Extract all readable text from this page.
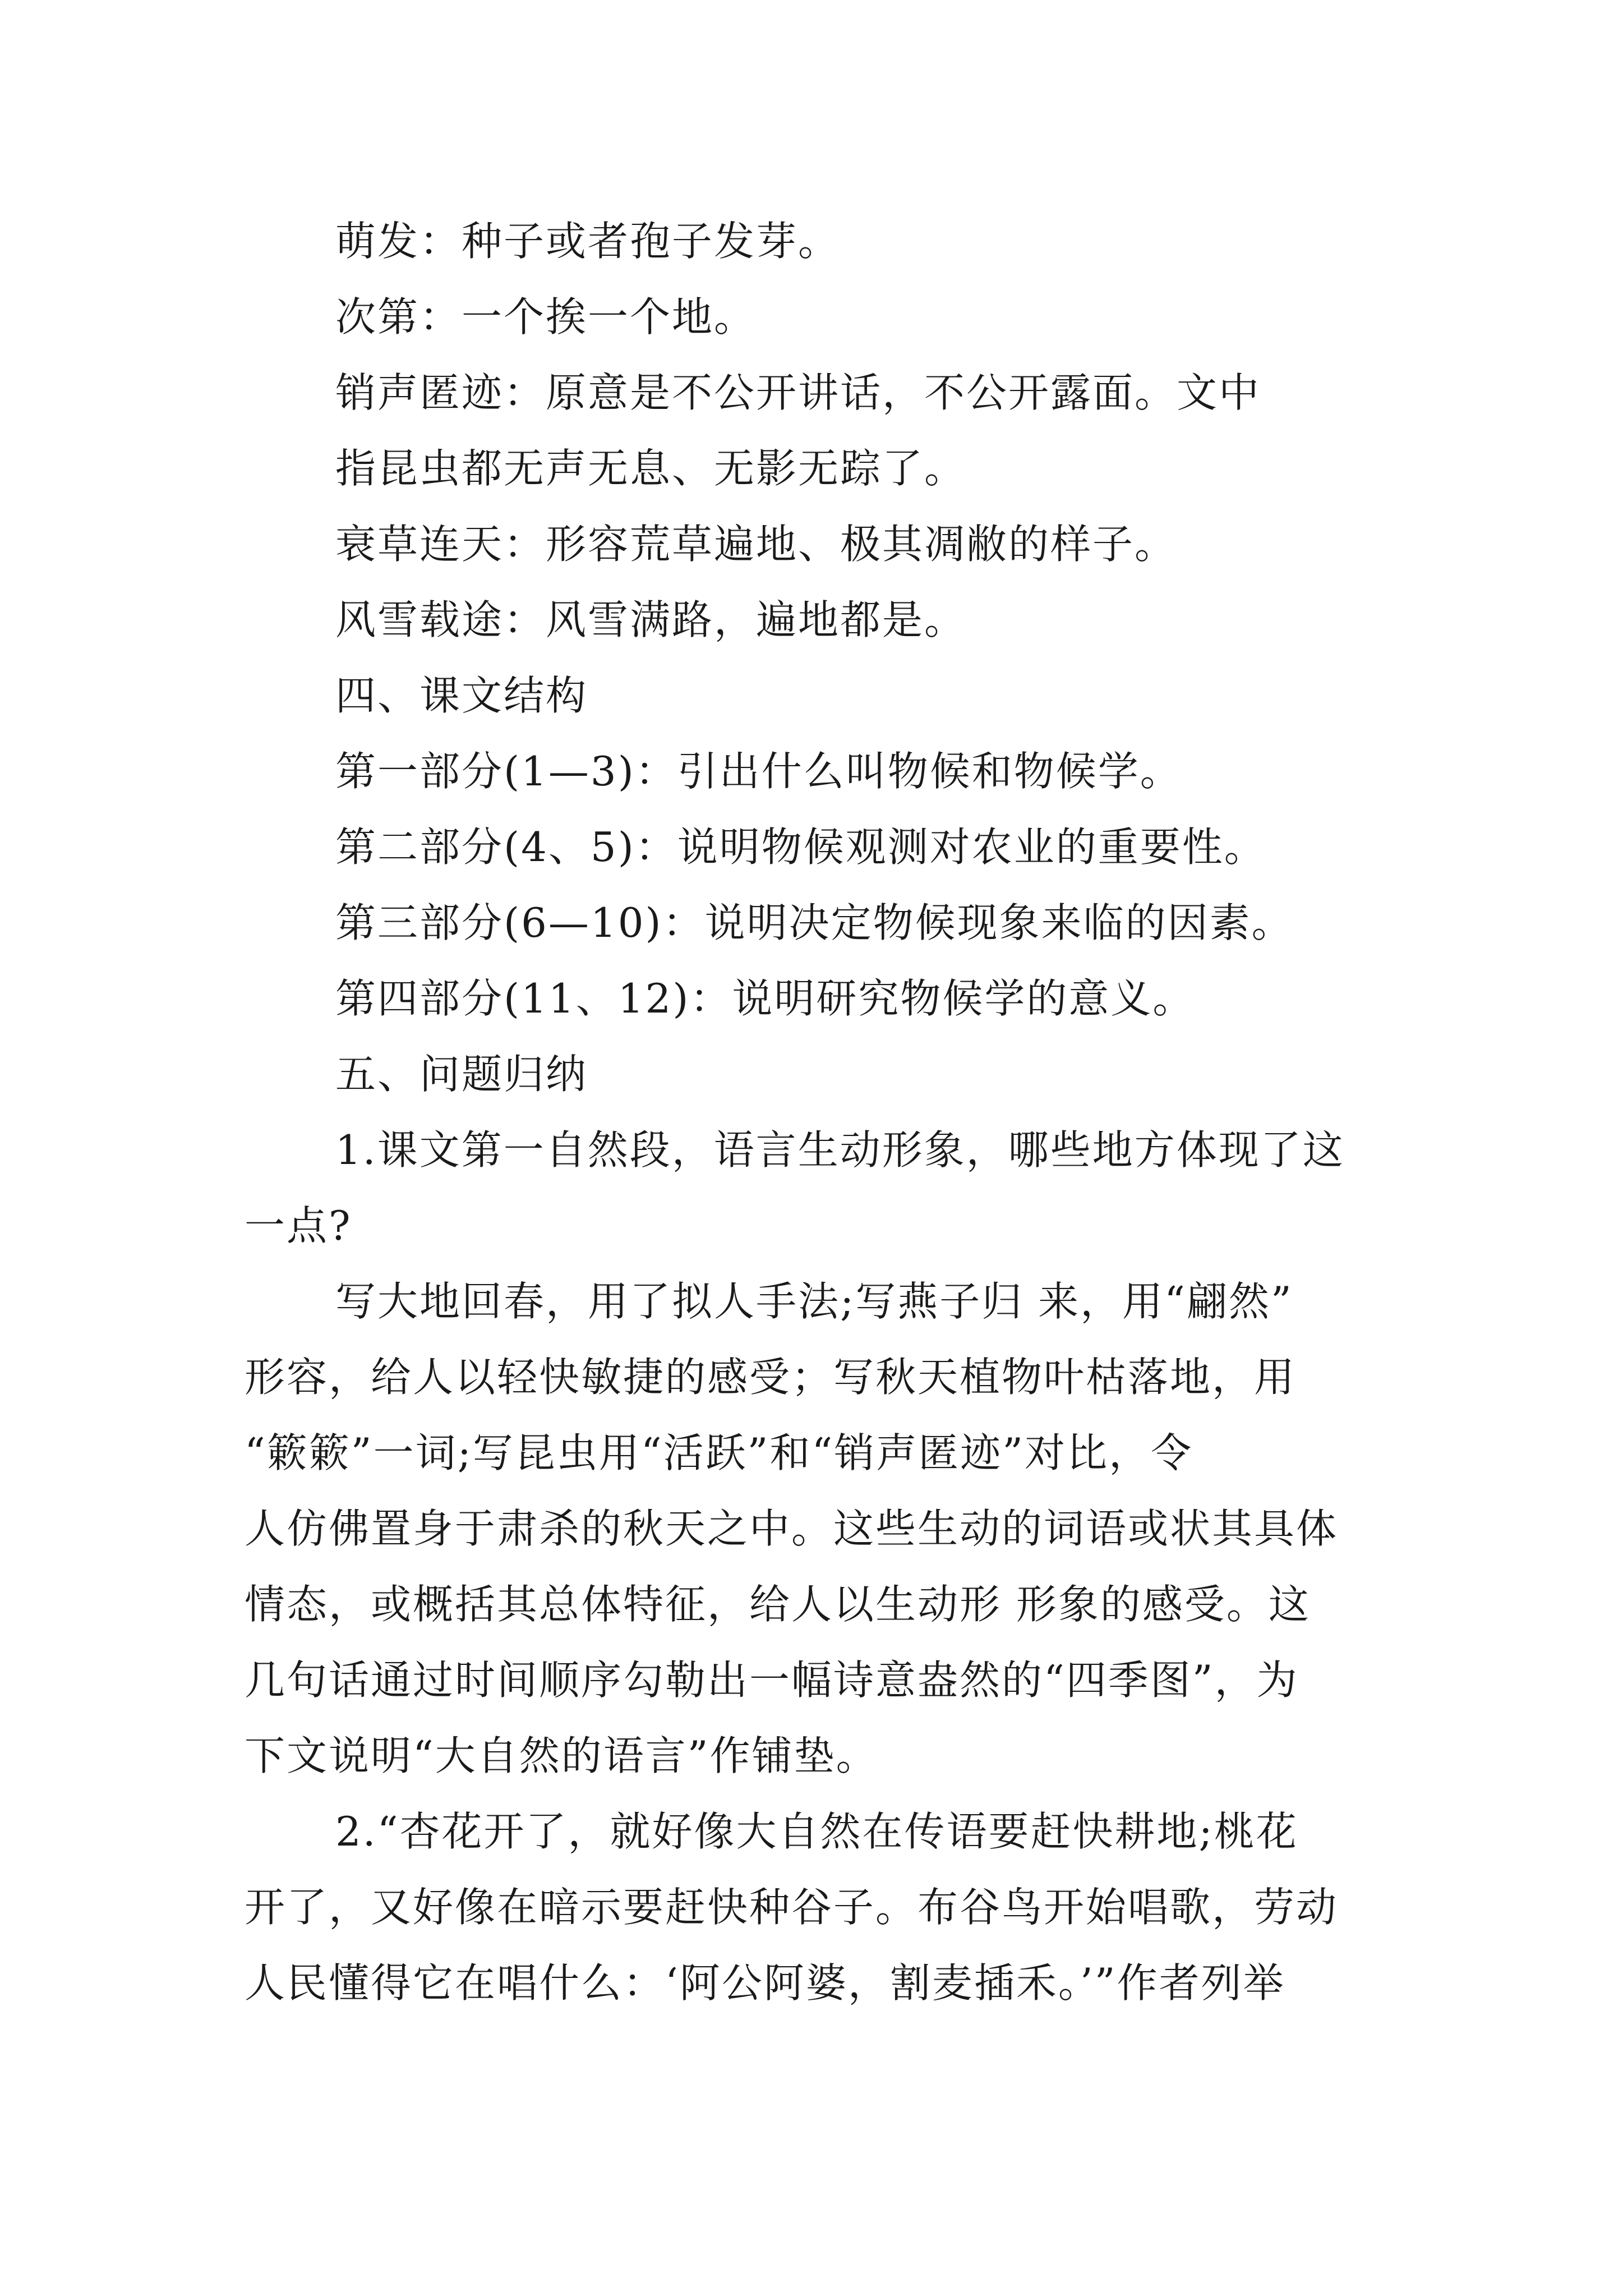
萌发：种子或者孢子发芽。
次第：一个挨一个地。
销声匿迹：原意是不公开讲话，不公开露面。文中
指昆虫都无声无息、无影无踪了。
衰草连天：形容荒草遍地、极其凋敝的样子。
风雪载途：风雪满路，遍地都是。
四、课文结构
第一部分(1—3)：引出什么叫物候和物候学。
第二部分(4、5)：说明物候观测对农业的重要性。
第三部分(6—10)：说明决定物候现象来临的因素。
第四部分(11、12)：说明研究物候学的意义。
五、问题归纳
1.课文第一自然段，语言生动形象，哪些地方体现了这
一点?
写大地回春，用了拟人手法;写燕子归 来，用“翩然”
形容，给人以轻快敏捷的感受；写秋天植物叶枯落地，用
“簌簌”一词;写昆虫用“活跃”和“销声匿迹”对比，令
人仿佛置身于肃杀的秋天之中。这些生动的词语或状其具体
情态，或概括其总体特征，给人以生动形 形象的感受。这
几句话通过时间顺序勾勒出一幅诗意盎然的“四季图”，为
下文说明“大自然的语言”作铺垫。
2.“杏花开了，就好像大自然在传语要赶快耕地;桃花
开了，又好像在暗示要赶快种谷子。布谷鸟开始唱歌，劳动
人民懂得它在唱什么：‘阿公阿婆，割麦插禾。’”作者列举
